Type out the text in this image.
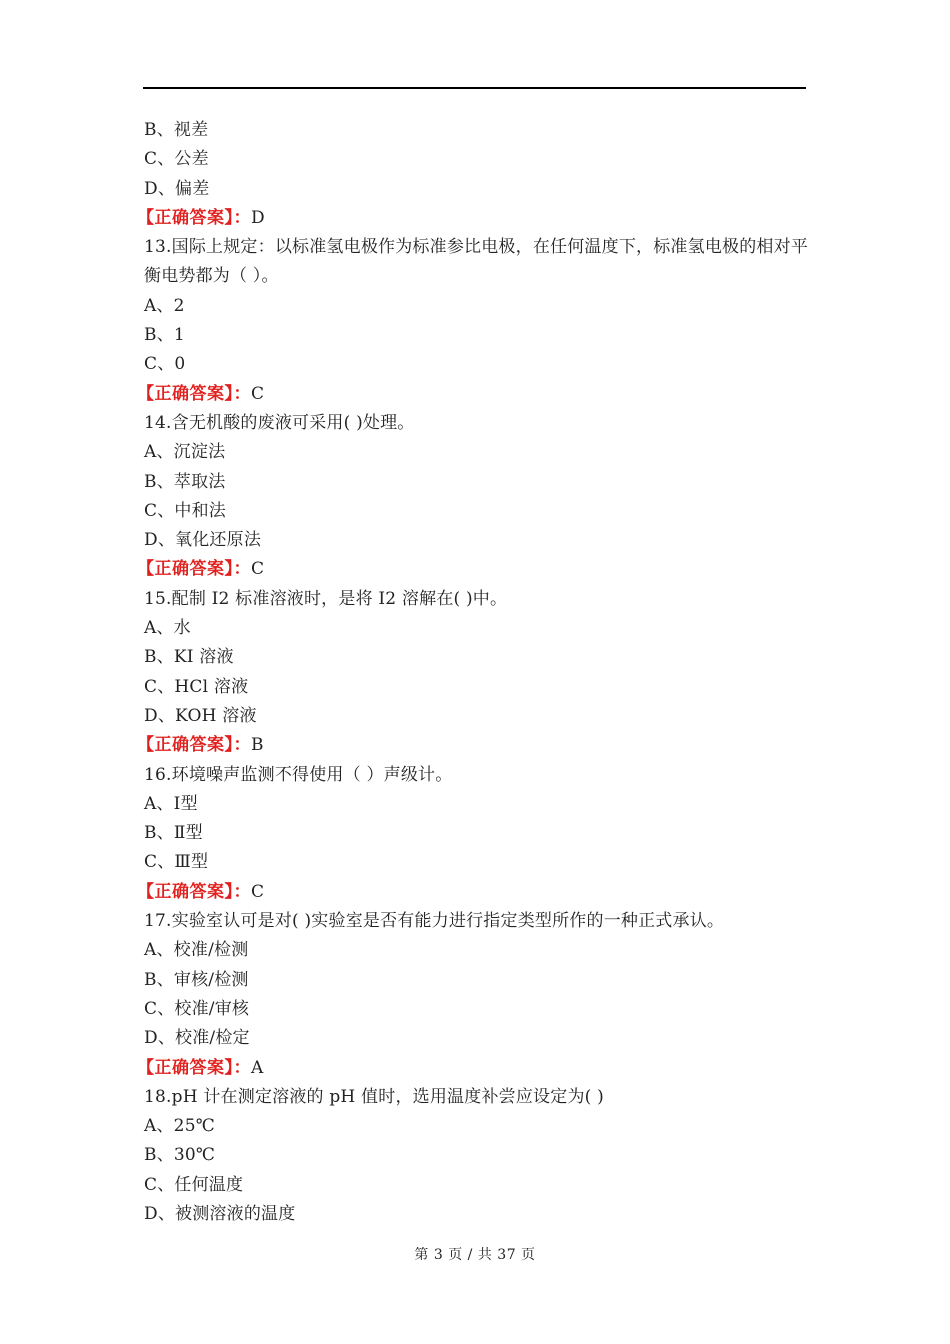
B、视差
C、公差
D、偏差
【正确答案】：D
13.国际上规定：以标准氢电极作为标准参比电极，在任何温度下，标准氢电极的相对平衡电势都为（ ）。
A、2
B、1
C、0
【正确答案】：C
14.含无机酸的废液可采用( )处理。
A、沉淀法
B、萃取法
C、中和法
D、氧化还原法
【正确答案】：C
15.配制 I2 标准溶液时，是将 I2 溶解在( )中。
A、水
B、KI 溶液
C、HCl 溶液
D、KOH 溶液
【正确答案】：B
16.环境噪声监测不得使用（ ）声级计。
A、Ⅰ型
B、Ⅱ型
C、Ⅲ型
【正确答案】：C
17.实验室认可是对( )实验室是否有能力进行指定类型所作的一种正式承认。
A、校准/检测
B、审核/检测
C、校准/审核
D、校准/检定
【正确答案】：A
18.pH 计在测定溶液的 pH 值时，选用温度补尝应设定为( )
A、25℃
B、30℃
C、任何温度
D、被测溶液的温度
第 3 页 / 共 37 页
